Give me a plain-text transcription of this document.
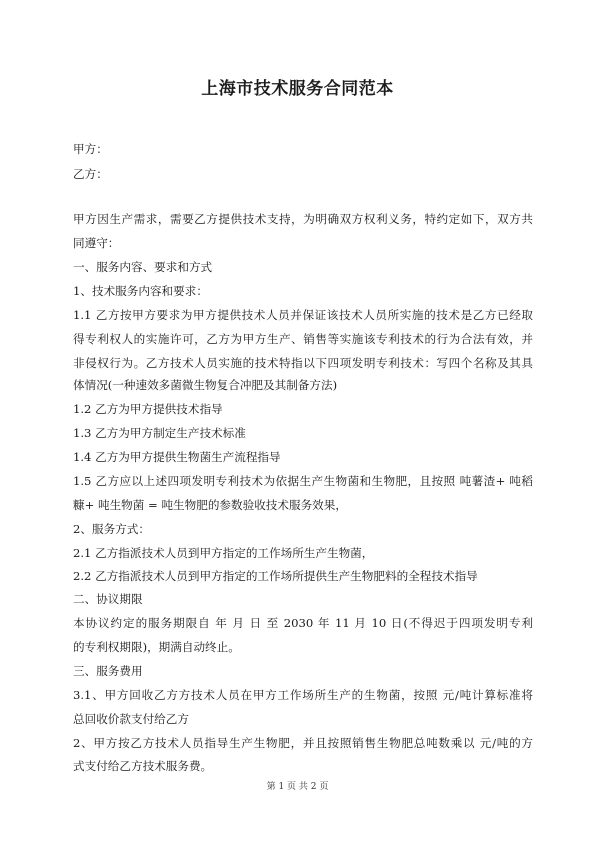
上海市技术服务合同范本
甲方：
乙方：
甲方因生产需求，需要乙方提供技术支持，为明确双方权利义务，特约定如下，双方共
同遵守：
一、服务内容、要求和方式
1、技术服务内容和要求：
1.1 乙方按甲方要求为甲方提供技术人员并保证该技术人员所实施的技术是乙方已经取
得专利权人的实施许可，乙方为甲方生产、销售等实施该专利技术的行为合法有效，并
非侵权行为。乙方技术人员实施的技术特指以下四项发明专利技术：写四个名称及其具
体情况(一种速效多菌微生物复合冲肥及其制备方法)
1.2 乙方为甲方提供技术指导
1.3 乙方为甲方制定生产技术标准
1.4 乙方为甲方提供生物菌生产流程指导
1.5 乙方应以上述四项发明专利技术为依据生产生物菌和生物肥，且按照 吨薯渣+ 吨稻
糠+ 吨生物菌 = 吨生物肥的参数验收技术服务效果，
2、服务方式：
2.1 乙方指派技术人员到甲方指定的工作场所生产生物菌，
2.2 乙方指派技术人员到甲方指定的工作场所提供生产生物肥料的全程技术指导
二、协议期限
本协议约定的服务期限自 年 月 日 至 2030 年 11 月 10 日(不得迟于四项发明专利
的专利权期限)，期满自动终止。
三、服务费用
3.1、甲方回收乙方方技术人员在甲方工作场所生产的生物菌，按照 元/吨计算标准将
总回收价款支付给乙方
2、甲方按乙方技术人员指导生产生物肥，并且按照销售生物肥总吨数乘以 元/吨的方
式支付给乙方技术服务费。
第 1 页 共 2 页
